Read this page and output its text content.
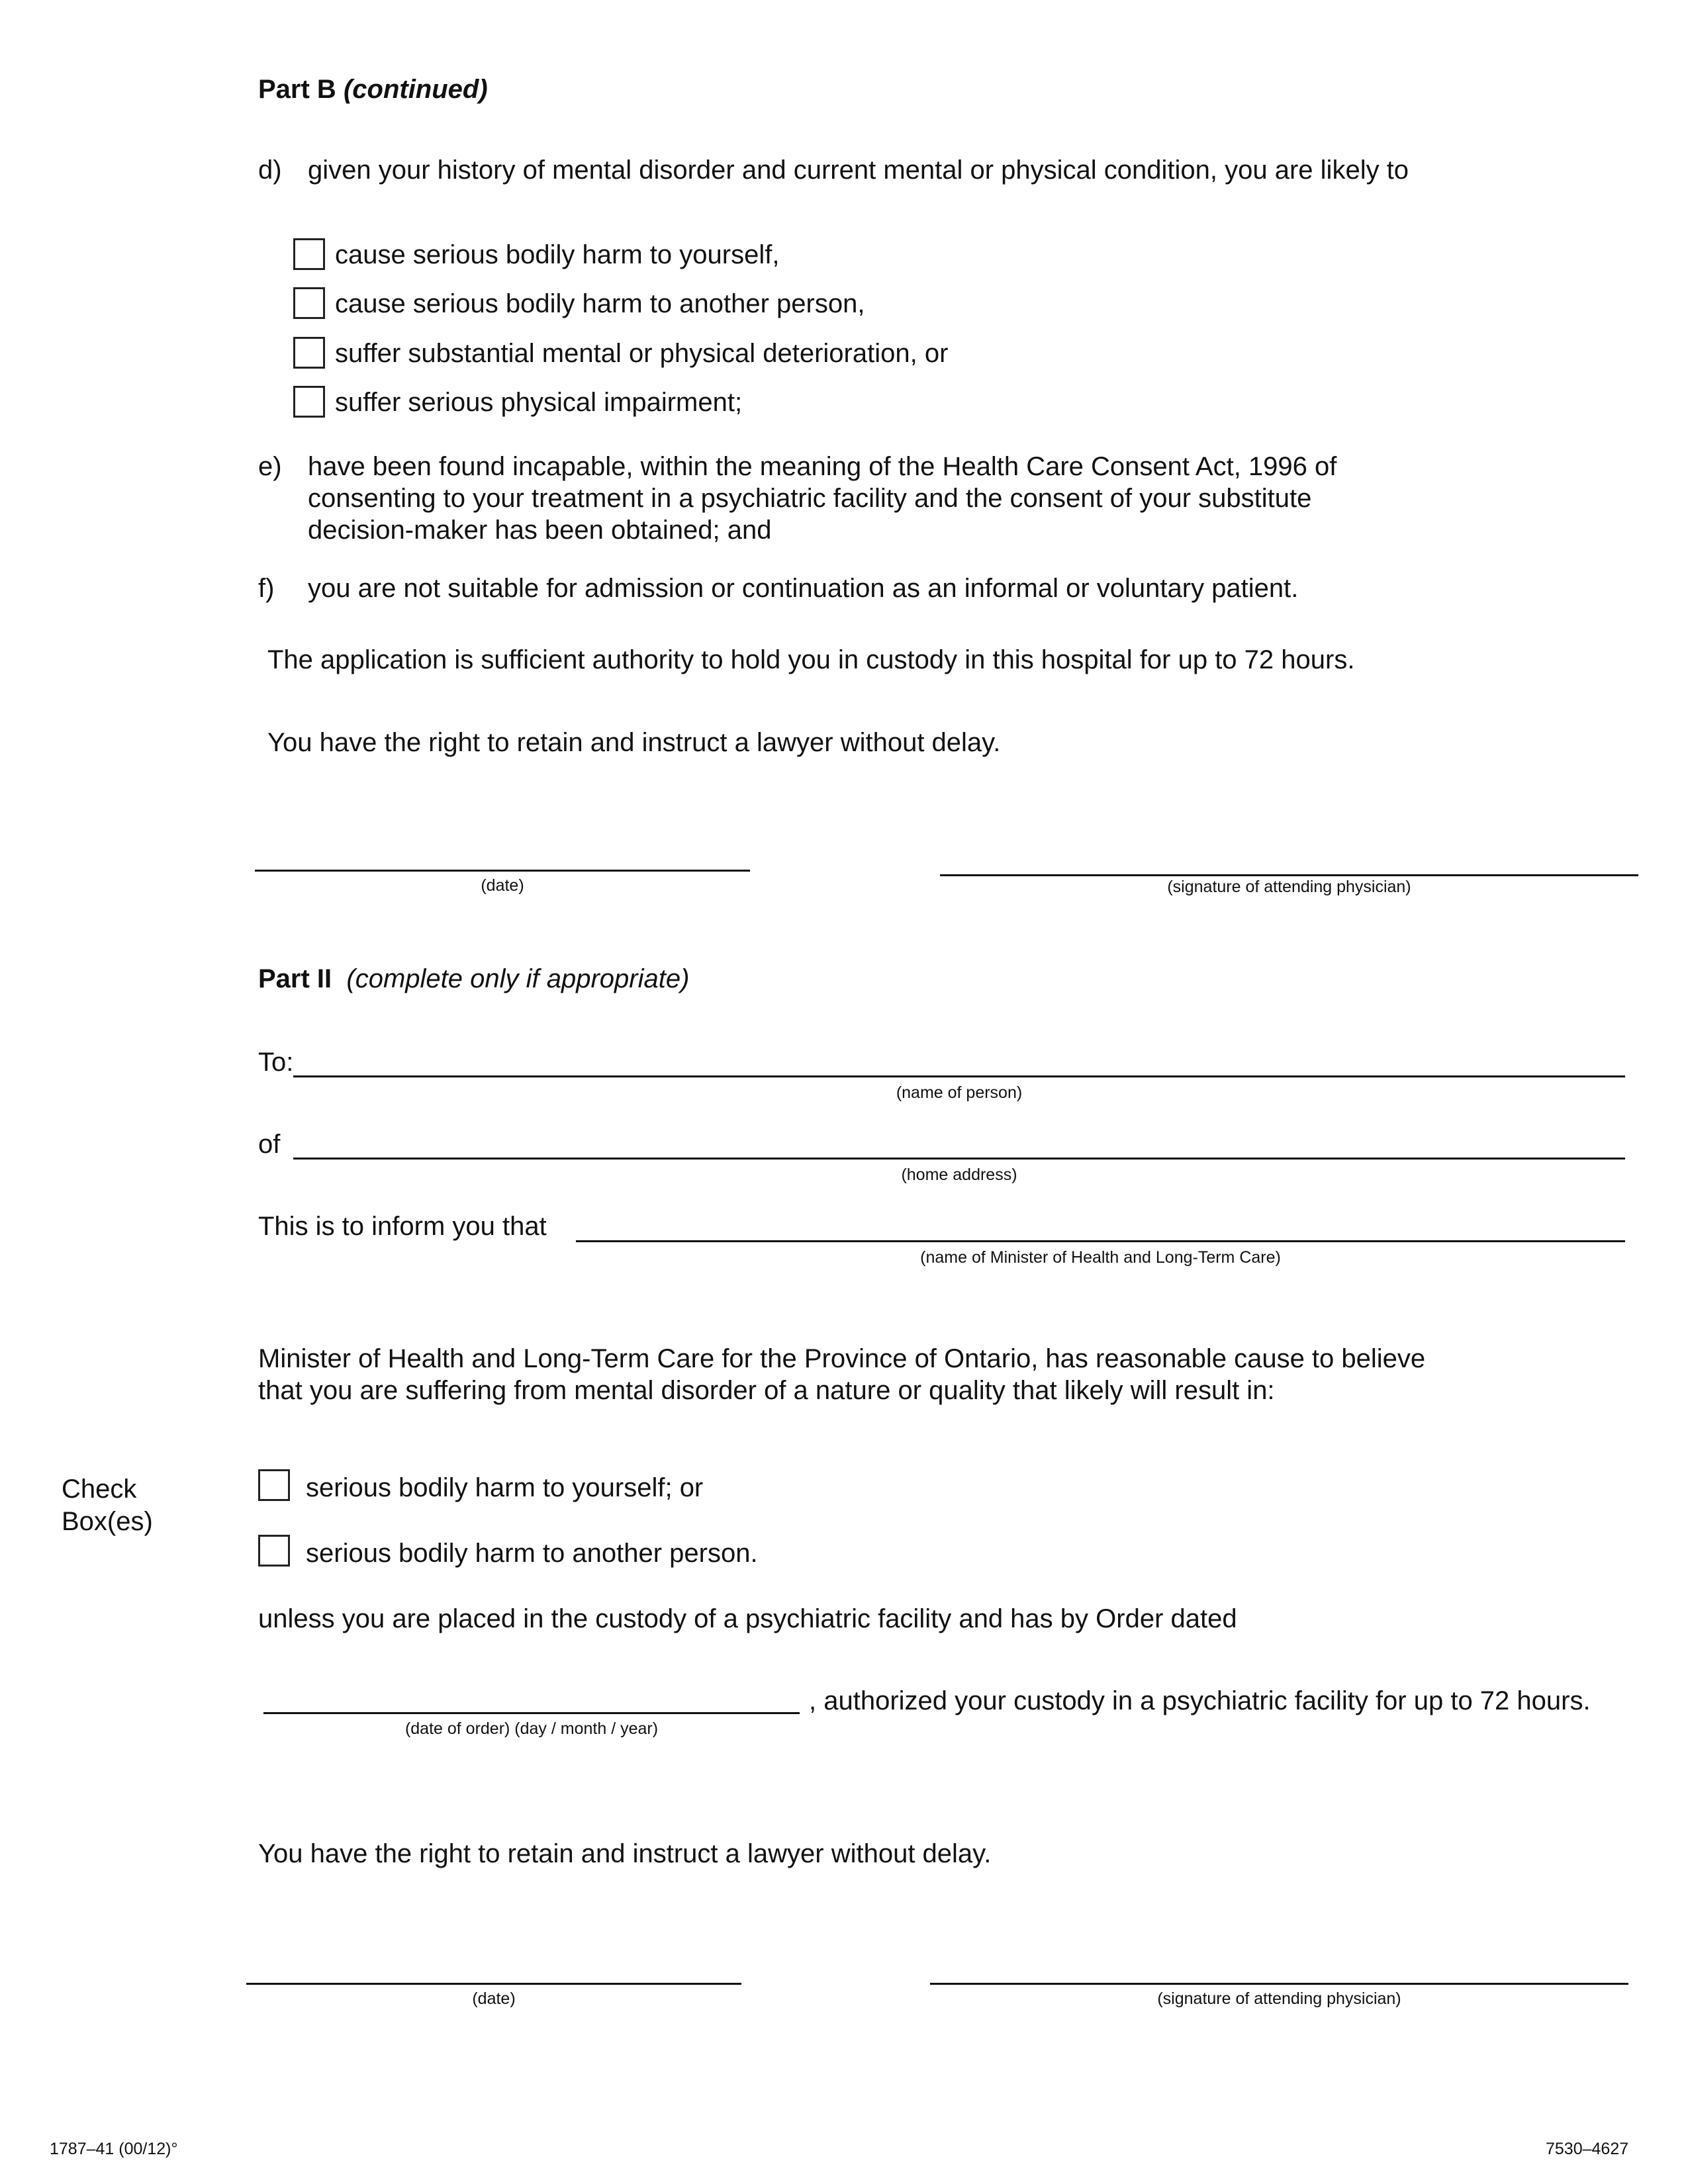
Part B (continued)
d) given your history of mental disorder and current mental or physical condition, you are likely to
cause serious bodily harm to yourself,
cause serious bodily harm to another person,
suffer substantial mental or physical deterioration, or
suffer serious physical impairment;
e) have been found incapable, within the meaning of the Health Care Consent Act, 1996 of
consenting to your treatment in a psychiatric facility and the consent of your substitute
decision-maker has been obtained; and
f) you are not suitable for admission or continuation as an informal or voluntary patient.
The application is sufficient authority to hold you in custody in this hospital for up to 72 hours.
You have the right to retain and instruct a lawyer without delay.
(date)	(signature of attending physician)
Part II (complete only if appropriate)
To:
(name of person)
of
(home address)
This is to inform you that
(name of Minister of Health and Long-Term Care)
Minister of Health and Long-Term Care for the Province of Ontario, has reasonable cause to believe
that you are suffering from mental disorder of a nature or quality that likely will result in:
Check
Box(es)
serious bodily harm to yourself; or
serious bodily harm to another person.
unless you are placed in the custody of a psychiatric facility and has by Order dated
(date of order) (day / month / year)
, authorized your custody in a psychiatric facility for up to 72 hours.
You have the right to retain and instruct a lawyer without delay.
(date)	(signature of attending physician)
1787–41 (00/12)°	7530–4627
